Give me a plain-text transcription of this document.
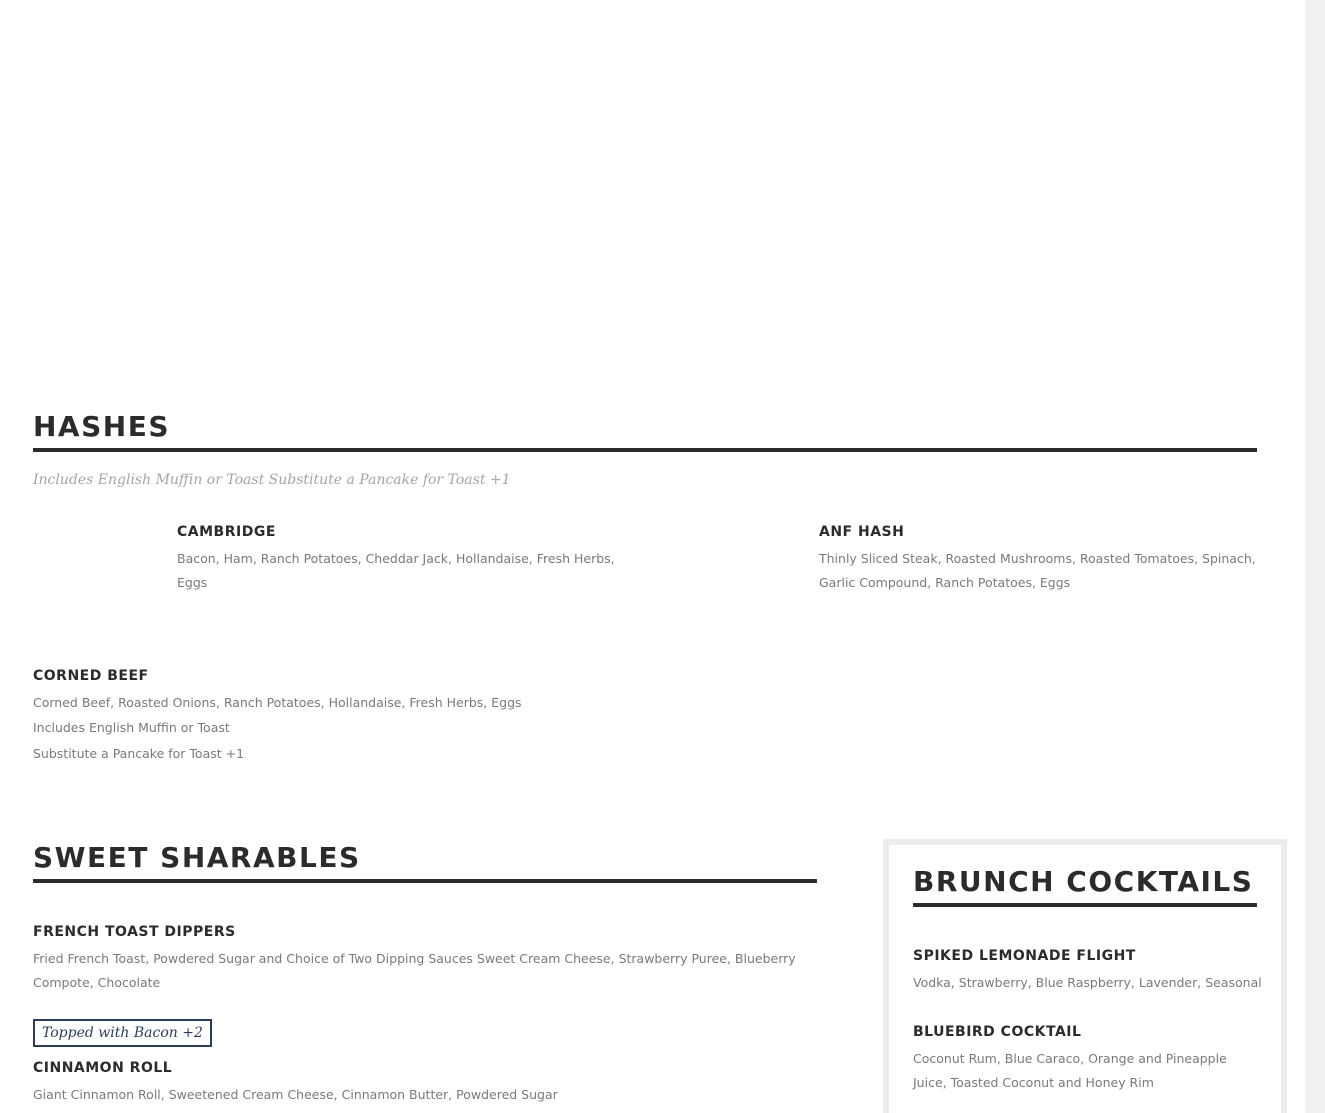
HASHES
Includes English Muffin or Toast Substitute a Pancake for Toast +1
CAMBRIDGE

Bacon, Ham, Ranch Potatoes, Cheddar Jack, Hollandaise, Fresh Herbs, Eggs

ANF HASH

Thinly Sliced Steak, Roasted Mushrooms, Roasted Tomatoes, Spinach, Garlic Compound, Ranch Potatoes, Eggs

CORNED BEEF

Corned Beef, Roasted Onions, Ranch Potatoes, Hollandaise, Fresh Herbs, Eggs

Includes English Muffin or Toast

Substitute a Pancake for Toast +1

SWEET SHARABLES
FRENCH TOAST DIPPERS

Fried French Toast, Powdered Sugar and Choice of Two Dipping Sauces Sweet Cream Cheese, Strawberry Puree, Blueberry Compote, Chocolate

Topped with Bacon +2
CINNAMON ROLL

Giant Cinnamon Roll, Sweetened Cream Cheese, Cinnamon Butter, Powdered Sugar

BRUNCH COCKTAILS
SPIKED LEMONADE FLIGHT

Vodka, Strawberry, Blue Raspberry, Lavender, Seasonal

BLUEBIRD COCKTAIL

Coconut Rum, Blue Caraco, Orange and Pineapple Juice, Toasted Coconut and Honey Rim
